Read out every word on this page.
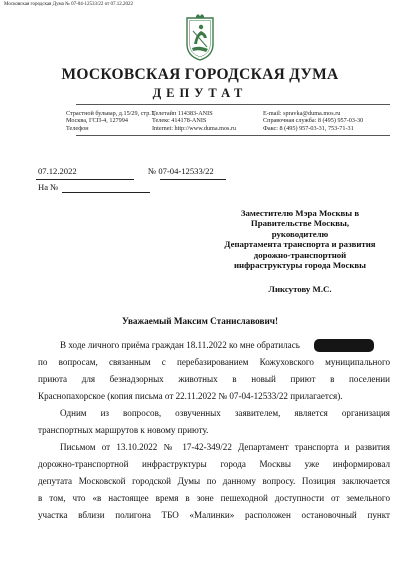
Московская городская Дума № 07-04-12533/22 от 07.12.2022
МОСКОВСКАЯ ГОРОДСКАЯ ДУМА
ДЕПУТАТ
Страстной бульвар, д.15/29, стр.1,
Москва, ГСП-4, 127994
Телефон
Телетайп 114383-ANIS
Телекс 414178-ANIS
Internet: http://www.duma.mos.ru
E-mail: spravka@duma.mos.ru
Справочная служба: 8 (495) 957-03-30
Факс: 8 (495) 957-03-31, 753-71-31
07.12.2022	№ 07-04-12533/22
На №
Заместителю Мэра Москвы в
Правительстве Москвы,
руководителю
Департамента транспорта и развития
дорожно-транспортной
инфраструктуры города Москвы
Ликсутову М.С.
Уважаемый Максим Станиславович!
В ходе личного приёма граждан 18.11.2022 ко мне обратилась
по вопросам, связанным с перебазированием Кожуховского муниципального
приюта для безнадзорных животных в новый приют в поселении
Краснопахорское (копия письма от 22.11.2022 № 07-04-12533/22 прилагается).
Одним из вопросов, озвученных заявителем, является организация
транспортных маршрутов к новому приюту.
Письмом от 13.10.2022 № 17-42-349/22 Департамент транспорта и развития
дорожно-транспортной инфраструктуры города Москвы уже информировал
депутата Московской городской Думы по данному вопросу. Позиция заключается
в том, что «в настоящее время в зоне пешеходной доступности от земельного
участка вблизи полигона ТБО «Малинки» расположен остановочный пункт
